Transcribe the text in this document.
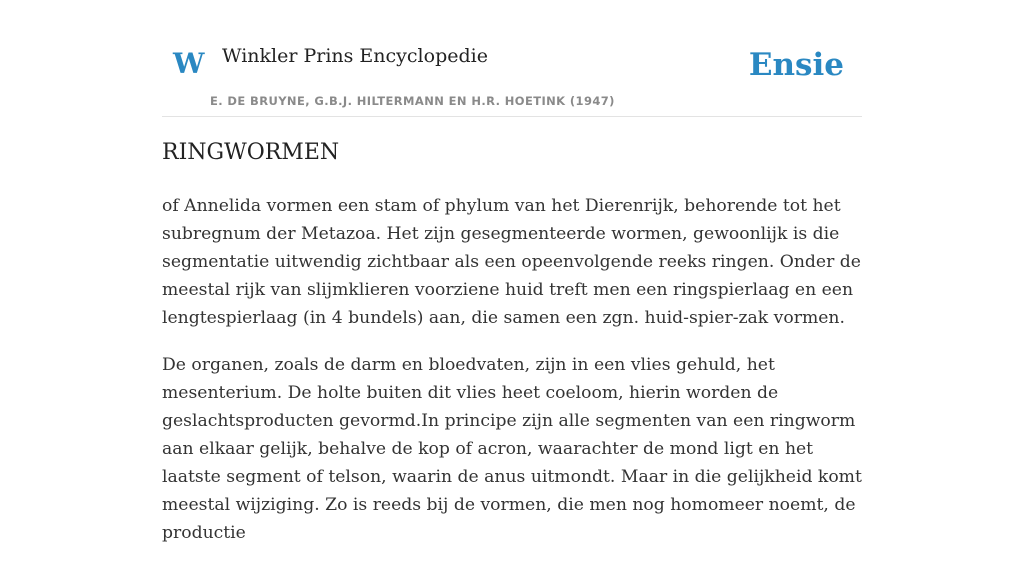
W Winkler Prins Encyclopedie
E. DE BRUYNE, G.B.J. HILTERMANN EN H.R. HOETINK (1947)
Ensie
RINGWORMEN

of Annelida vormen een stam of phylum van het Dierenrijk, behorende tot het subregnum der Metazoa. Het zijn gesegmenteerde wormen, gewoonlijk is die segmentatie uitwendig zichtbaar als een opeenvolgende reeks ringen. Onder de meestal rijk van slijmklieren voorziene huid treft men een ringspierlaag en een lengtespierlaag (in 4 bundels) aan, die samen een zgn. huid-spier-zak vormen.

De organen, zoals de darm en bloedvaten, zijn in een vlies gehuld, het mesenterium. De holte buiten dit vlies heet coeloom, hierin worden de geslachtsproducten gevormd.In principe zijn alle segmenten van een ringworm aan elkaar gelijk, behalve de kop of acron, waarachter de mond ligt en het laatste segment of telson, waarin de anus uitmondt. Maar in die gelijkheid komt meestal wijziging. Zo is reeds bij de vormen, die men nog homomeer noemt, de productie
